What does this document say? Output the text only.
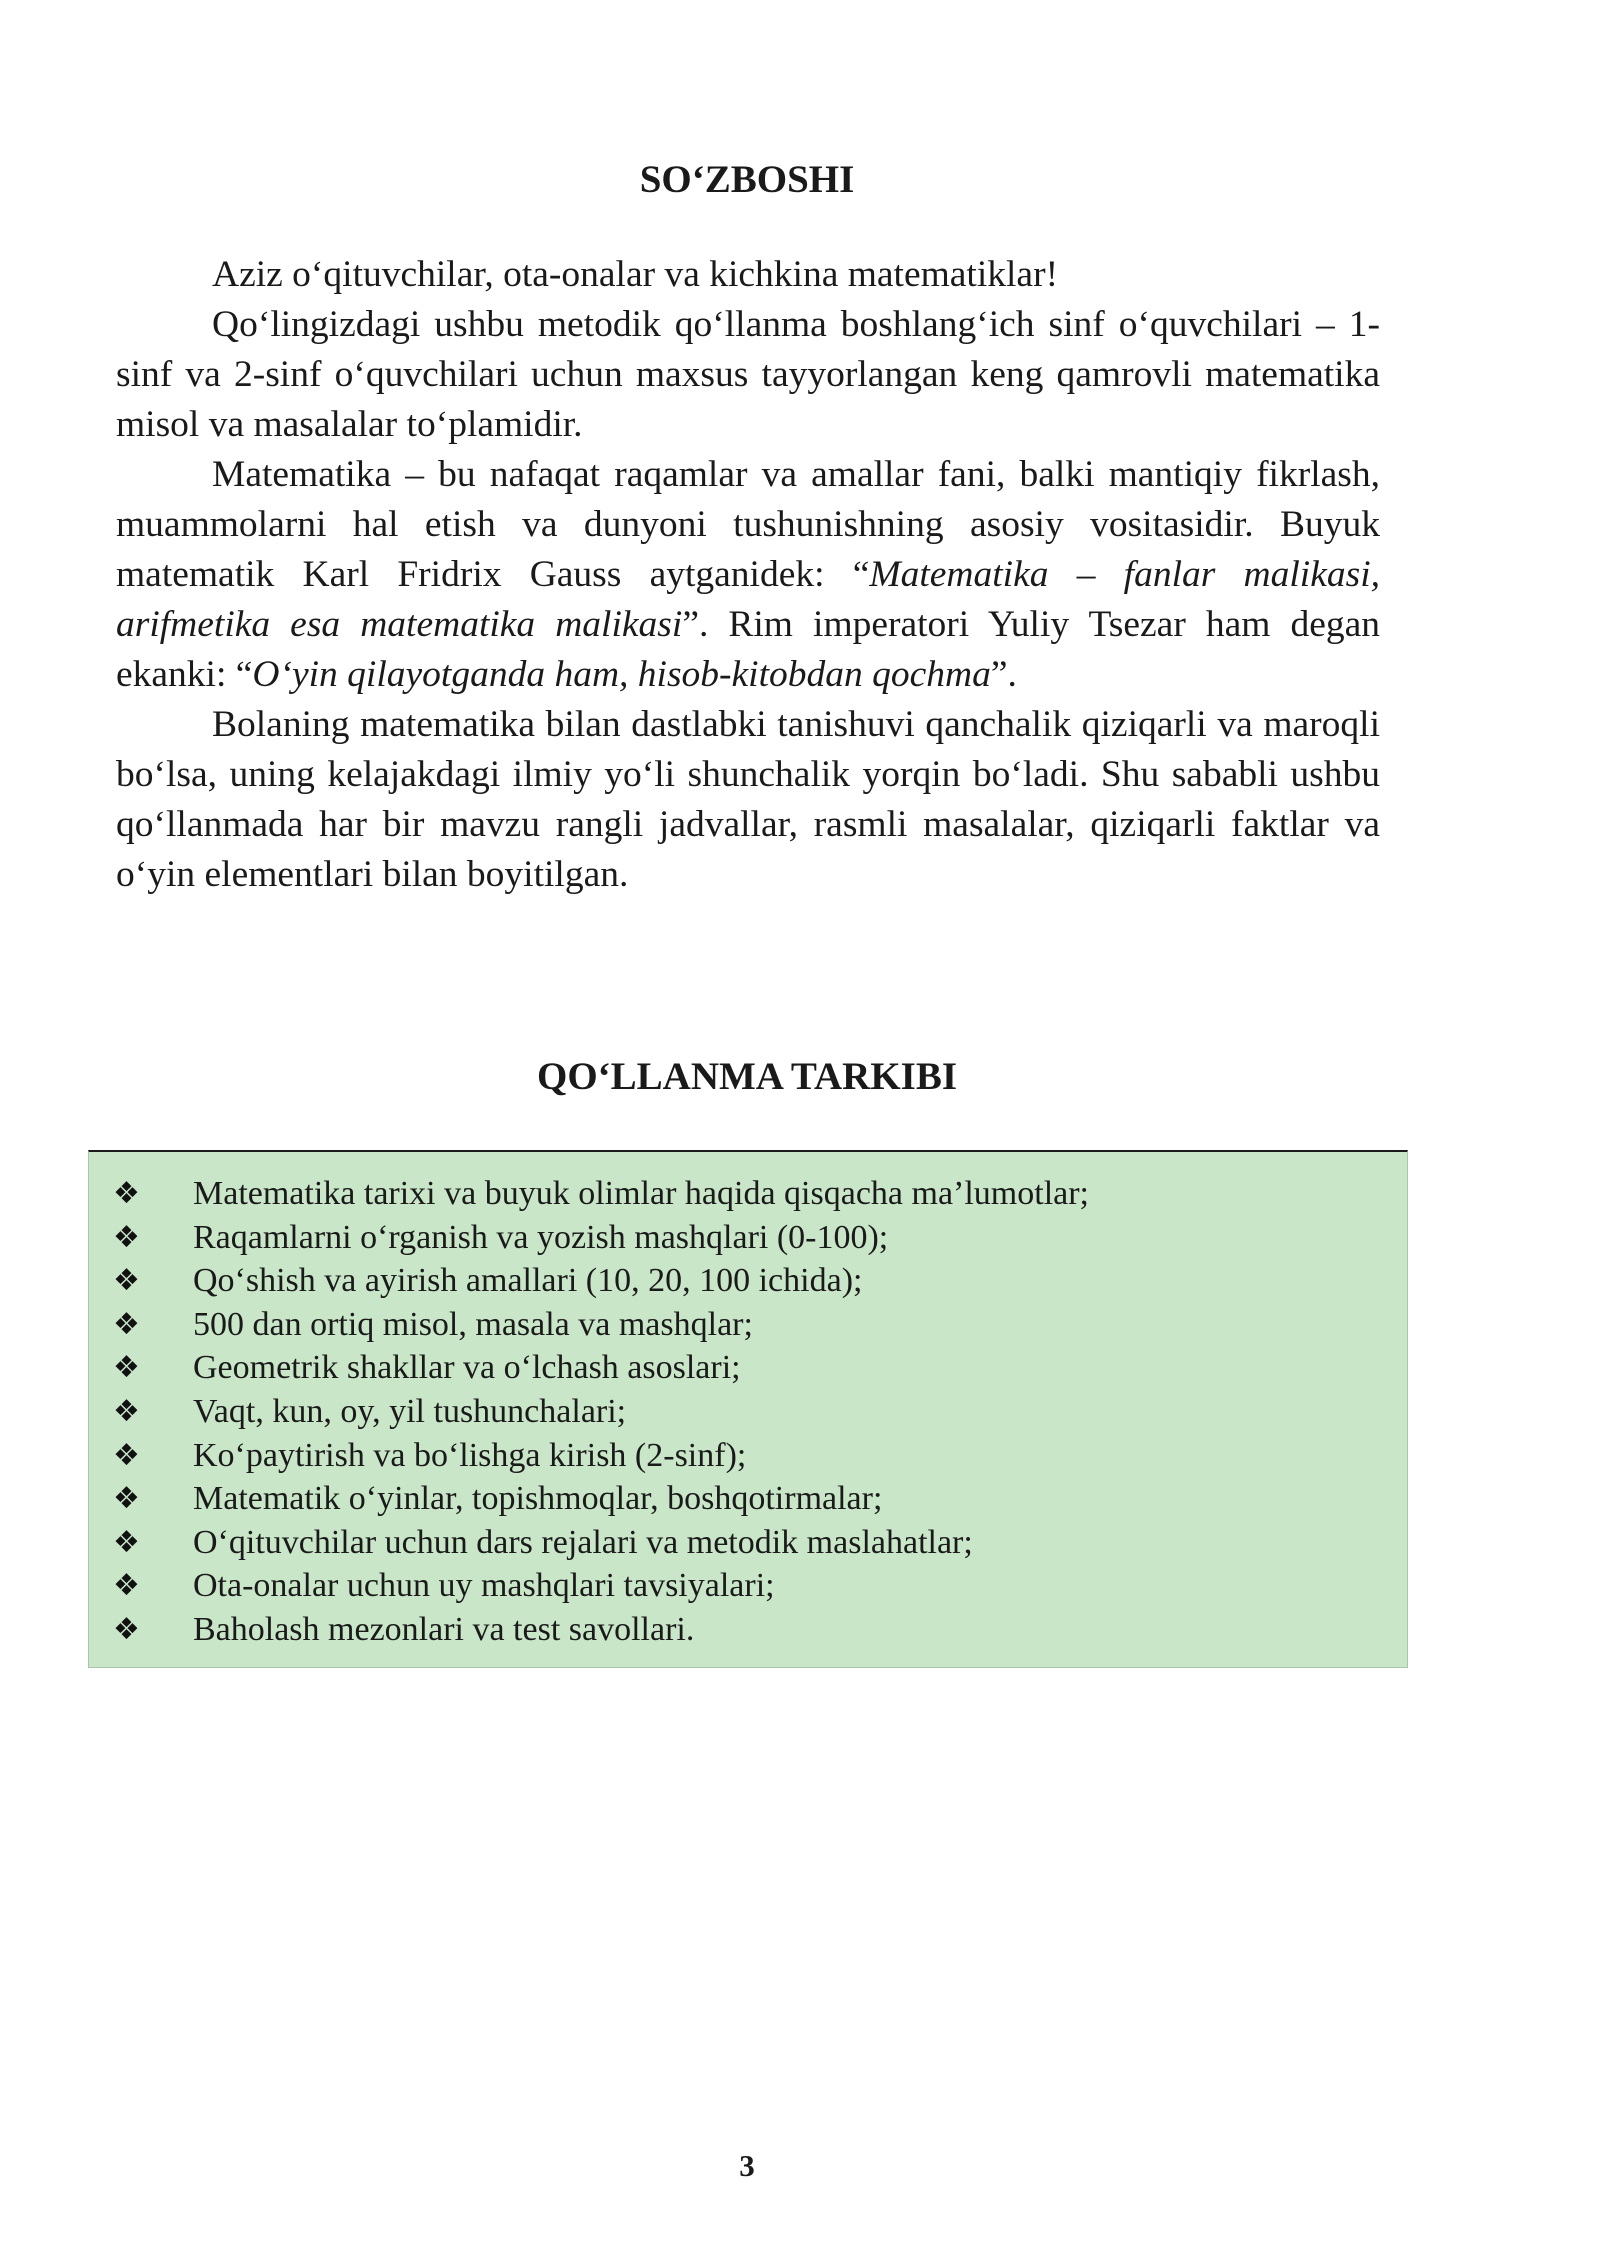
SO‘ZBOSHI

Aziz o‘qituvchilar, ota-onalar va kichkina matematiklar!

Qo‘lingizdagi ushbu metodik qo‘llanma boshlang‘ich sinf o‘quvchilari – 1-sinf va 2-sinf o‘quvchilari uchun maxsus tayyorlangan keng qamrovli matematika misol va masalalar to‘plamidir.

Matematika – bu nafaqat raqamlar va amallar fani, balki mantiqiy fikrlash, muammolarni hal etish va dunyoni tushunishning asosiy vositasidir. Buyuk matematik Karl Fridrix Gauss aytganidek: “Matematika – fanlar malikasi, arifmetika esa matematika malikasi”. Rim imperatori Yuliy Tsezar ham degan ekanki: “O‘yin qilayotganda ham, hisob-kitobdan qochma”.

Bolaning matematika bilan dastlabki tanishuvi qanchalik qiziqarli va maroqli bo‘lsa, uning kelajakdagi ilmiy yo‘li shunchalik yorqin bo‘ladi. Shu sababli ushbu qo‘llanmada har bir mavzu rangli jadvallar, rasmli masalalar, qiziqarli faktlar va o‘yin elementlari bilan boyitilgan.

QO‘LLANMA TARKIBI
❖ Matematika tarixi va buyuk olimlar haqida qisqacha ma’lumotlar;
❖ Raqamlarni o‘rganish va yozish mashqlari (0-100);
❖ Qo‘shish va ayirish amallari (10, 20, 100 ichida);
❖ 500 dan ortiq misol, masala va mashqlar;
❖ Geometrik shakllar va o‘lchash asoslari;
❖ Vaqt, kun, oy, yil tushunchalari;
❖ Ko‘paytirish va bo‘lishga kirish (2-sinf);
❖ Matematik o‘yinlar, topishmoqlar, boshqotirmalar;
❖ O‘qituvchilar uchun dars rejalari va metodik maslahatlar;
❖ Ota-onalar uchun uy mashqlari tavsiyalari;
❖ Baholash mezonlari va test savollari.
3
